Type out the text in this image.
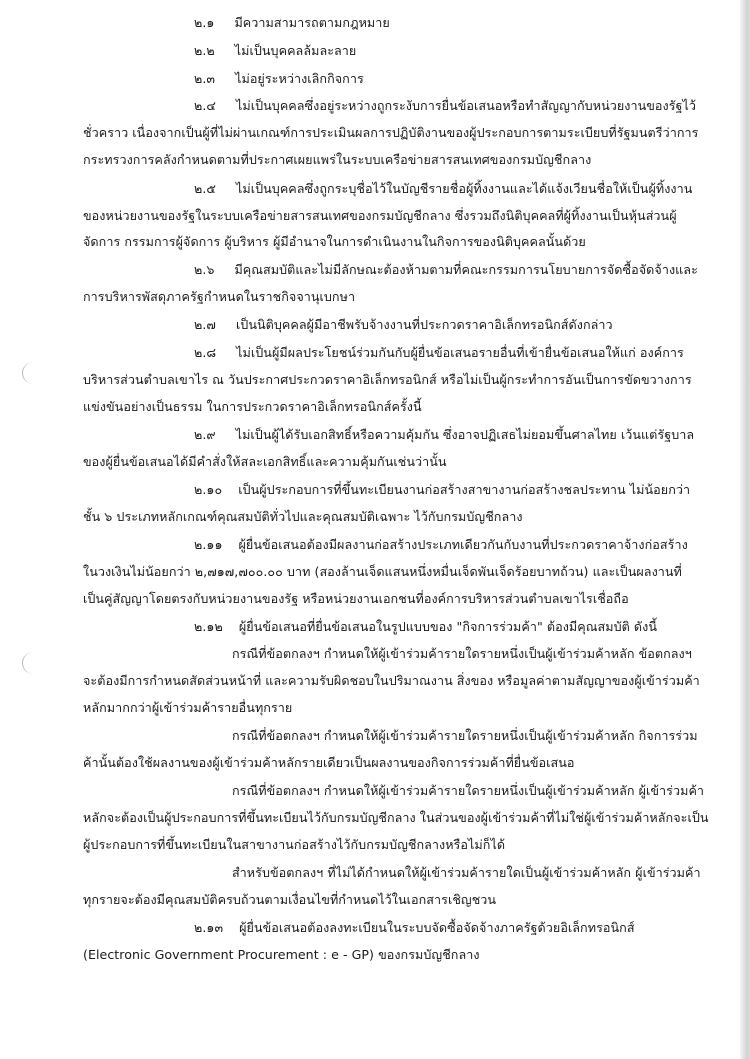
๒.๑ มีความสามารถตามกฎหมาย
๒.๒ ไม่เป็นบุคคลล้มละลาย
๒.๓ ไม่อยู่ระหว่างเลิกกิจการ
๒.๔ ไม่เป็นบุคคลซึ่งอยู่ระหว่างถูกระงับการยื่นข้อเสนอหรือทำสัญญากับหน่วยงานของรัฐไว้
ชั่วคราว เนื่องจากเป็นผู้ที่ไม่ผ่านเกณฑ์การประเมินผลการปฏิบัติงานของผู้ประกอบการตามระเบียบที่รัฐมนตรีว่าการ
กระทรวงการคลังกำหนดตามที่ประกาศเผยแพร่ในระบบเครือข่ายสารสนเทศของกรมบัญชีกลาง
๒.๕ ไม่เป็นบุคคลซึ่งถูกระบุชื่อไว้ในบัญชีรายชื่อผู้ทิ้งงานและได้แจ้งเวียนชื่อให้เป็นผู้ทิ้งงาน
ของหน่วยงานของรัฐในระบบเครือข่ายสารสนเทศของกรมบัญชีกลาง ซึ่งรวมถึงนิติบุคคลที่ผู้ทิ้งงานเป็นหุ้นส่วนผู้
จัดการ กรรมการผู้จัดการ ผู้บริหาร ผู้มีอำนาจในการดำเนินงานในกิจการของนิติบุคคลนั้นด้วย
๒.๖ มีคุณสมบัติและไม่มีลักษณะต้องห้ามตามที่คณะกรรมการนโยบายการจัดซื้อจัดจ้างและ
การบริหารพัสดุภาครัฐกำหนดในราชกิจจานุเบกษา
๒.๗ เป็นนิติบุคคลผู้มีอาชีพรับจ้างงานที่ประกวดราคาอิเล็กทรอนิกส์ดังกล่าว
๒.๘ ไม่เป็นผู้มีผลประโยชน์ร่วมกันกับผู้ยื่นข้อเสนอรายอื่นที่เข้ายื่นข้อเสนอให้แก่ องค์การ
บริหารส่วนตำบลเขาไร ณ วันประกาศประกวดราคาอิเล็กทรอนิกส์ หรือไม่เป็นผู้กระทำการอันเป็นการขัดขวางการ
แข่งขันอย่างเป็นธรรม ในการประกวดราคาอิเล็กทรอนิกส์ครั้งนี้
๒.๙ ไม่เป็นผู้ได้รับเอกสิทธิ์หรือความคุ้มกัน ซึ่งอาจปฏิเสธไม่ยอมขึ้นศาลไทย เว้นแต่รัฐบาล
ของผู้ยื่นข้อเสนอได้มีคำสั่งให้สละเอกสิทธิ์และความคุ้มกันเช่นว่านั้น
๒.๑๐ เป็นผู้ประกอบการที่ขึ้นทะเบียนงานก่อสร้างสาขางานก่อสร้างชลประทาน ไม่น้อยกว่า
ชั้น ๖ ประเภทหลักเกณฑ์คุณสมบัติทั่วไปและคุณสมบัติเฉพาะ ไว้กับกรมบัญชีกลาง
๒.๑๑ ผู้ยื่นข้อเสนอต้องมีผลงานก่อสร้างประเภทเดียวกันกับงานที่ประกวดราคาจ้างก่อสร้าง
ในวงเงินไม่น้อยกว่า ๒,๗๑๗,๗๐๐.๐๐ บาท (สองล้านเจ็ดแสนหนึ่งหมื่นเจ็ดพันเจ็ดร้อยบาทถ้วน) และเป็นผลงานที่
เป็นคู่สัญญาโดยตรงกับหน่วยงานของรัฐ หรือหน่วยงานเอกชนที่องค์การบริหารส่วนตำบลเขาไรเชื่อถือ
๒.๑๒ ผู้ยื่นข้อเสนอที่ยื่นข้อเสนอในรูปแบบของ "กิจการร่วมค้า" ต้องมีคุณสมบัติ ดังนี้
กรณีที่ข้อตกลงฯ กำหนดให้ผู้เข้าร่วมค้ารายใดรายหนึ่งเป็นผู้เข้าร่วมค้าหลัก ข้อตกลงฯ
จะต้องมีการกำหนดสัดส่วนหน้าที่ และความรับผิดชอบในปริมาณงาน สิ่งของ หรือมูลค่าตามสัญญาของผู้เข้าร่วมค้า
หลักมากกว่าผู้เข้าร่วมค้ารายอื่นทุกราย
กรณีที่ข้อตกลงฯ กำหนดให้ผู้เข้าร่วมค้ารายใดรายหนึ่งเป็นผู้เข้าร่วมค้าหลัก กิจการร่วม
ค้านั้นต้องใช้ผลงานของผู้เข้าร่วมค้าหลักรายเดียวเป็นผลงานของกิจการร่วมค้าที่ยื่นข้อเสนอ
กรณีที่ข้อตกลงฯ กำหนดให้ผู้เข้าร่วมค้ารายใดรายหนึ่งเป็นผู้เข้าร่วมค้าหลัก ผู้เข้าร่วมค้า
หลักจะต้องเป็นผู้ประกอบการที่ขึ้นทะเบียนไว้กับกรมบัญชีกลาง ในส่วนของผู้เข้าร่วมค้าที่ไม่ใช่ผู้เข้าร่วมค้าหลักจะเป็น
ผู้ประกอบการที่ขึ้นทะเบียนในสาขางานก่อสร้างไว้กับกรมบัญชีกลางหรือไม่ก็ได้
สำหรับข้อตกลงฯ ที่ไม่ได้กำหนดให้ผู้เข้าร่วมค้ารายใดเป็นผู้เข้าร่วมค้าหลัก ผู้เข้าร่วมค้า
ทุกรายจะต้องมีคุณสมบัติครบถ้วนตามเงื่อนไขที่กำหนดไว้ในเอกสารเชิญชวน
๒.๑๓ ผู้ยื่นข้อเสนอต้องลงทะเบียนในระบบจัดซื้อจัดจ้างภาครัฐด้วยอิเล็กทรอนิกส์
(Electronic Government Procurement : e - GP) ของกรมบัญชีกลาง
